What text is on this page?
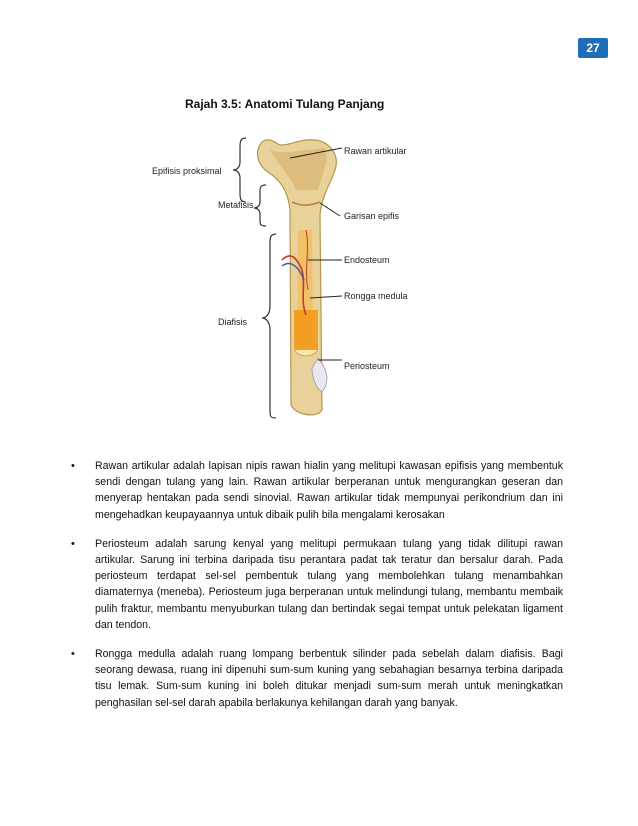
27
Rajah 3.5: Anatomi Tulang Panjang
Epifisis proksimal
Metafisis
Diafisis
Rawan artikular
Garisan epifis
Endosteum
Rongga medula
Periosteum
• Rawan artikular adalah lapisan nipis rawan hialin yang melitupi kawasan epifisis yang membentuk sendi dengan tulang yang lain. Rawan artikular berperanan untuk mengurangkan geseran dan menyerap hentakan pada sendi sinovial. Rawan artikular tidak mempunyai perikondrium dan ini mengehadkan keupayaannya untuk dibaik pulih bila mengalami kerosakan
• Periosteum adalah sarung kenyal yang melitupi permukaan tulang yang tidak dilitupi rawan artikular. Sarung ini terbina daripada tisu perantara padat tak teratur dan bersalur darah. Pada periosteum terdapat sel-sel pembentuk tulang yang membolehkan tulang menambahkan diamaternya (meneba). Periosteum juga berperanan untuk melindungi tulang, membantu membaik pulih fraktur, membantu menyuburkan tulang dan bertindak segai tempat untuk pelekatan ligament dan tendon.
• Rongga medulla adalah ruang lompang berbentuk silinder pada sebelah dalam diafisis. Bagi seorang dewasa, ruang ini dipenuhi sum-sum kuning yang sebahagian besarnya terbina daripada tisu lemak. Sum-sum kuning ini boleh ditukar menjadi sum-sum merah untuk meningkatkan penghasilan sel-sel darah apabila berlakunya kehilangan darah yang banyak.
